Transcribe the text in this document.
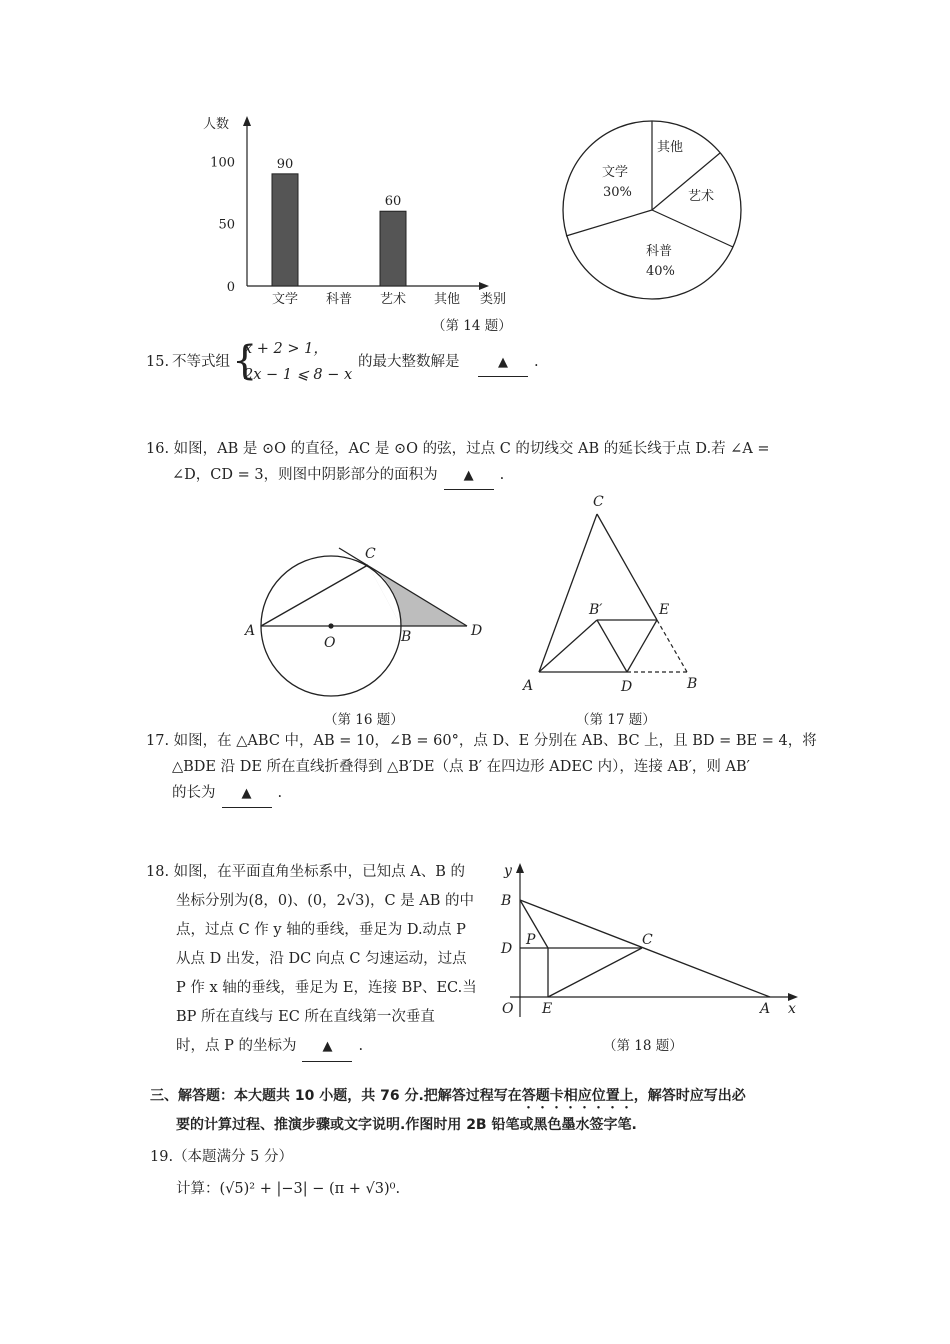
人数
0
50
100
文学
90
科普 艺术
60
其他 类别
文学
30%
其他
艺术
科普
40%
（第 14 题）
15. 不等式组 {
x + 2 > 1，
2x − 1 ⩽ 8 − x
的最大整数解是	▲ .
16. 如图，AB 是 ⊙O 的直径，AC 是 ⊙O 的弦，过点 C 的切线交 AB 的延长线于点 D.若 ∠A =
∠D，CD = 3，则图中阴影部分的面积为 ▲ .
A
O	B
C
D
（第 16 题）
C
B′	E
A	D	B
（第 17 题）
17. 如图，在 △ABC 中，AB = 10，∠B = 60°，点 D、E 分别在 AB、BC 上，且 BD = BE = 4，将
△BDE 沿 DE 所在直线折叠得到 △B′DE（点 B′ 在四边形 ADEC 内），连接 AB′，则 AB′
的长为 ▲ .
18. 如图，在平面直角坐标系中，已知点 A、B 的
坐标分别为(8，0)、(0，2√3)，C 是 AB 的中
点，过点 C 作 y 轴的垂线，垂足为 D.动点 P
从点 D 出发，沿 DC 向点 C 匀速运动，过点
P 作 x 轴的垂线，垂足为 E，连接 BP、EC.当
BP 所在直线与 EC 所在直线第一次垂直
时，点 P 的坐标为 ▲ .
y
x
B
D
P	C
O E	A
（第 18 题）
三、解答题：本大题共 10 小题，共 76 分.把解答过程写在答题卡相应位置上，解答时应写出必
要的计算过程、推演步骤或文字说明.作图时用 2B 铅笔或黑色墨水签字笔.
19.（本题满分 5 分）
计算：(√5)² + |−3| − (π + √3)⁰.
